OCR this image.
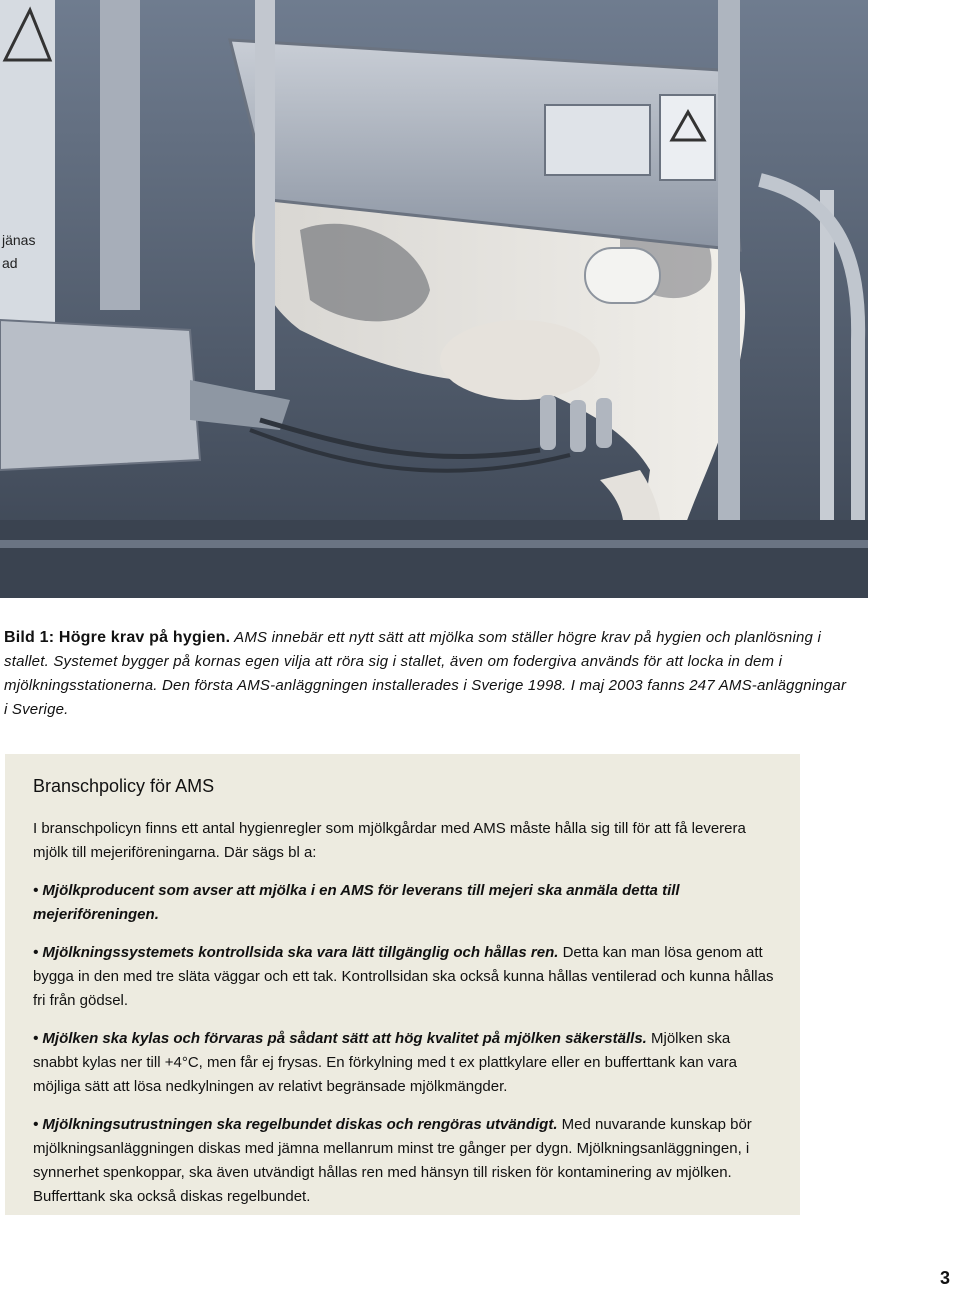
jänas
ad
Bild 1: Högre krav på hygien. AMS innebär ett nytt sätt att mjölka som ställer högre krav på hygien och planlösning i stallet. Systemet bygger på kornas egen vilja att röra sig i stallet, även om fodergiva används för att locka in dem i mjölkningsstationerna. Den första AMS-anläggningen installerades i Sverige 1998. I maj 2003 fanns 247 AMS-anläggningar i Sverige.
Branschpolicy för AMS

I branschpolicyn finns ett antal hygienregler som mjölkgårdar med AMS måste hålla sig till för att få leverera mjölk till mejeriföreningarna. Där sägs bl a:

• Mjölkproducent som avser att mjölka i en AMS för leverans till mejeri ska anmäla detta till mejeriföreningen.

• Mjölkningssystemets kontrollsida ska vara lätt tillgänglig och hållas ren. Detta kan man lösa genom att bygga in den med tre släta väggar och ett tak. Kontrollsidan ska också kunna hållas ventilerad och kunna hållas fri från gödsel.

• Mjölken ska kylas och förvaras på sådant sätt att hög kvalitet på mjölken säkerställs. Mjölken ska snabbt kylas ner till +4°C, men får ej frysas. En förkylning med t ex plattkylare eller en bufferttank kan vara möjliga sätt att lösa nedkylningen av relativt begränsade mjölkmängder.

• Mjölkningsutrustningen ska regelbundet diskas och rengöras utvändigt. Med nuvarande kunskap bör mjölkningsanläggningen diskas med jämna mellanrum minst tre gånger per dygn. Mjölkningsanläggningen, i synnerhet spenkoppar, ska även utvändigt hållas ren med hänsyn till risken för kontaminering av mjölken. Bufferttank ska också diskas regelbundet.

3
